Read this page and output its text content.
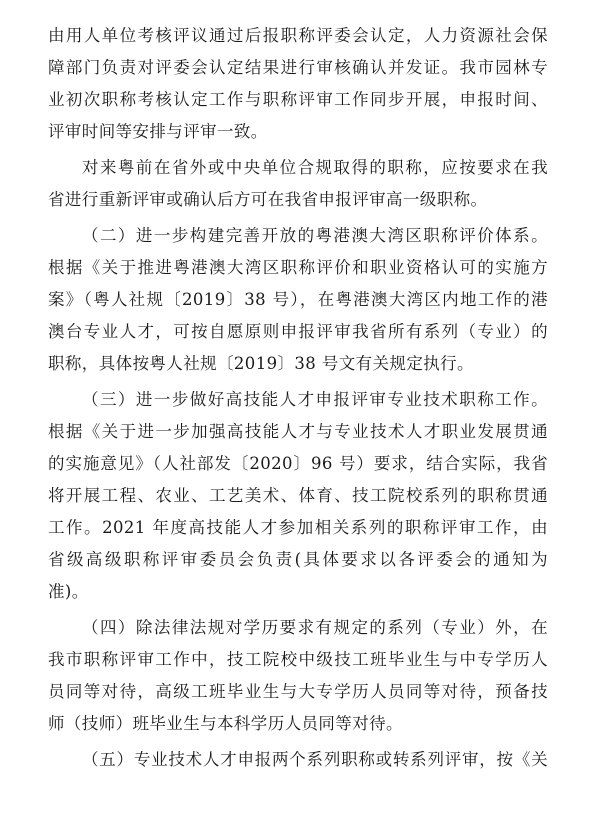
由用人单位考核评议通过后报职称评委会认定，人力资源社会保
障部门负责对评委会认定结果进行审核确认并发证。我市园林专
业初次职称考核认定工作与职称评审工作同步开展，申报时间、
评审时间等安排与评审一致。
对来粤前在省外或中央单位合规取得的职称，应按要求在我
省进行重新评审或确认后方可在我省申报评审高一级职称。
（二）进一步构建完善开放的粤港澳大湾区职称评价体系。
根据《关于推进粤港澳大湾区职称评价和职业资格认可的实施方
案》（粤人社规〔2019〕38 号），在粤港澳大湾区内地工作的港
澳台专业人才，可按自愿原则申报评审我省所有系列（专业）的
职称，具体按粤人社规〔2019〕38 号文有关规定执行。
（三）进一步做好高技能人才申报评审专业技术职称工作。
根据《关于进一步加强高技能人才与专业技术人才职业发展贯通
的实施意见》（人社部发〔2020〕96 号）要求，结合实际，我省
将开展工程、农业、工艺美术、体育、技工院校系列的职称贯通
工作。2021 年度高技能人才参加相关系列的职称评审工作，由
省级高级职称评审委员会负责(具体要求以各评委会的通知为
准)。
（四）除法律法规对学历要求有规定的系列（专业）外，在
我市职称评审工作中，技工院校中级技工班毕业生与中专学历人
员同等对待，高级工班毕业生与大专学历人员同等对待，预备技
师（技师）班毕业生与本科学历人员同等对待。
（五）专业技术人才申报两个系列职称或转系列评审，按《关
